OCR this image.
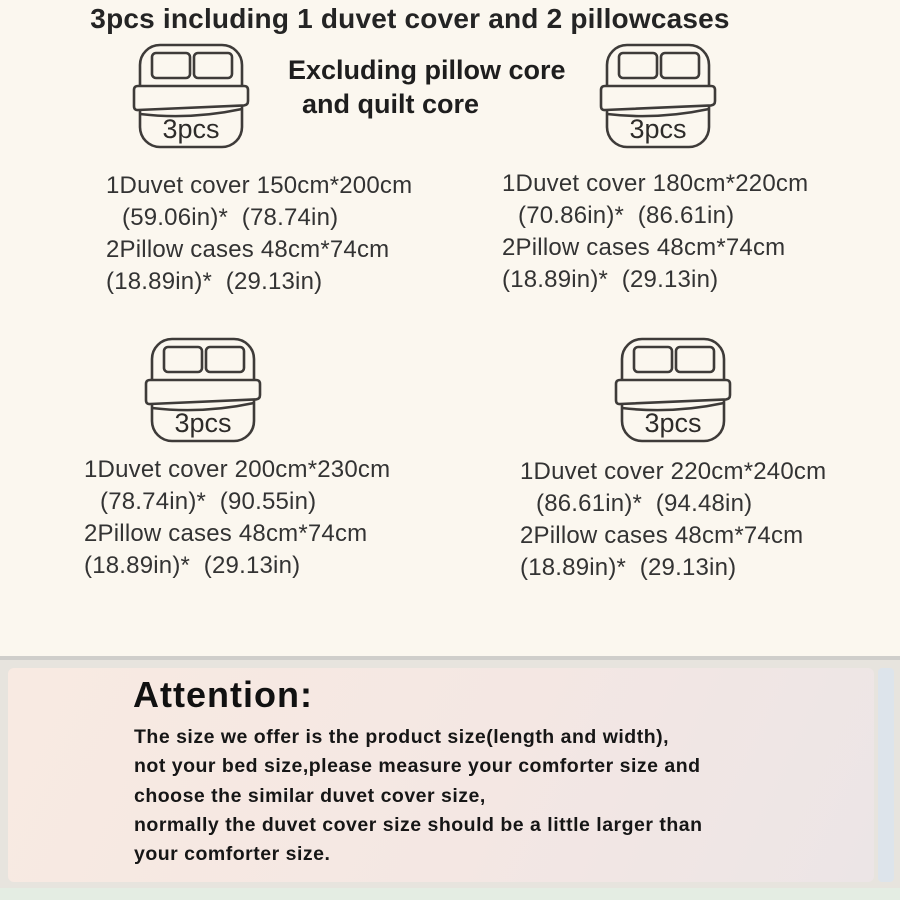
3pcs including 1 duvet cover and 2 pillowcases
Excluding pillow core
and quilt core
3pcs	3pcs
3pcs	3pcs
1Duvet cover 150cm*200cm
(59.06in)*  (78.74in)
2Pillow cases 48cm*74cm
(18.89in)*  (29.13in)
1Duvet cover 180cm*220cm
(70.86in)*  (86.61in)
2Pillow cases 48cm*74cm
(18.89in)*  (29.13in)
1Duvet cover 200cm*230cm
(78.74in)*  (90.55in)
2Pillow cases 48cm*74cm
(18.89in)*  (29.13in)
1Duvet cover 220cm*240cm
(86.61in)*  (94.48in)
2Pillow cases 48cm*74cm
(18.89in)*  (29.13in)
Attention:
The size we offer is the product size(length and width),
not your bed size,please measure your comforter size and
choose the similar duvet cover size,
normally the duvet cover size should be a little larger than
your comforter size.
